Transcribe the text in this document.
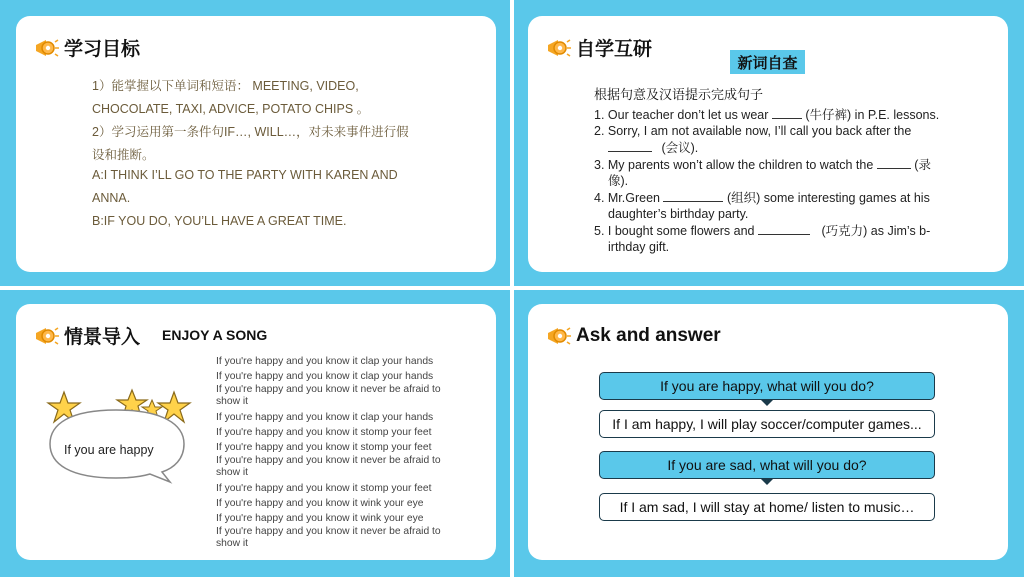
学习目标
1）能掌握以下单词和短语： MEETING, VIDEO,
CHOCOLATE, TAXI, ADVICE, POTATO CHIPS 。
2）学习运用第一条件句IF…, WILL…，对未来事件进行假
设和推断。
A:I THINK I’LL GO TO THE PARTY WITH KAREN AND
ANNA.
B:IF YOU DO, YOU’LL HAVE A GREAT TIME.
自学互研
新词自查
根据句意及汉语提示完成句子
1. Our teacher don’t let us wear	(牛仔裤) in P.E. lessons.
2. Sorry, I am not available now, I’ll call you back after the
(会议).
3. My parents won’t allow the children to watch the	(录
像).
4. Mr.Green	(组织) some interesting games at his
daughter’s birthday party.
5. I bought some flowers and	(巧克力) as Jim’s b-
irthday gift.
情景导入 ENJOY A SONG
If you are happy
If you're happy and you know it clap your hands
If you're happy and you know it clap your hands
If you're happy and you know it never be afraid to show it
If you're happy and you know it clap your hands
If you're happy and you know it stomp your feet
If you're happy and you know it stomp your feet
If you're happy and you know it never be afraid to show it
If you're happy and you know it stomp your feet
If you're happy and you know it wink your eye
If you're happy and you know it wink your eye
If you're happy and you know it never be afraid to show it
Ask and answer
If you are happy, what will you do?
If I am happy, I will play soccer/computer games...
If you are sad, what will you do?
If I am sad, I will stay at home/ listen to music…
